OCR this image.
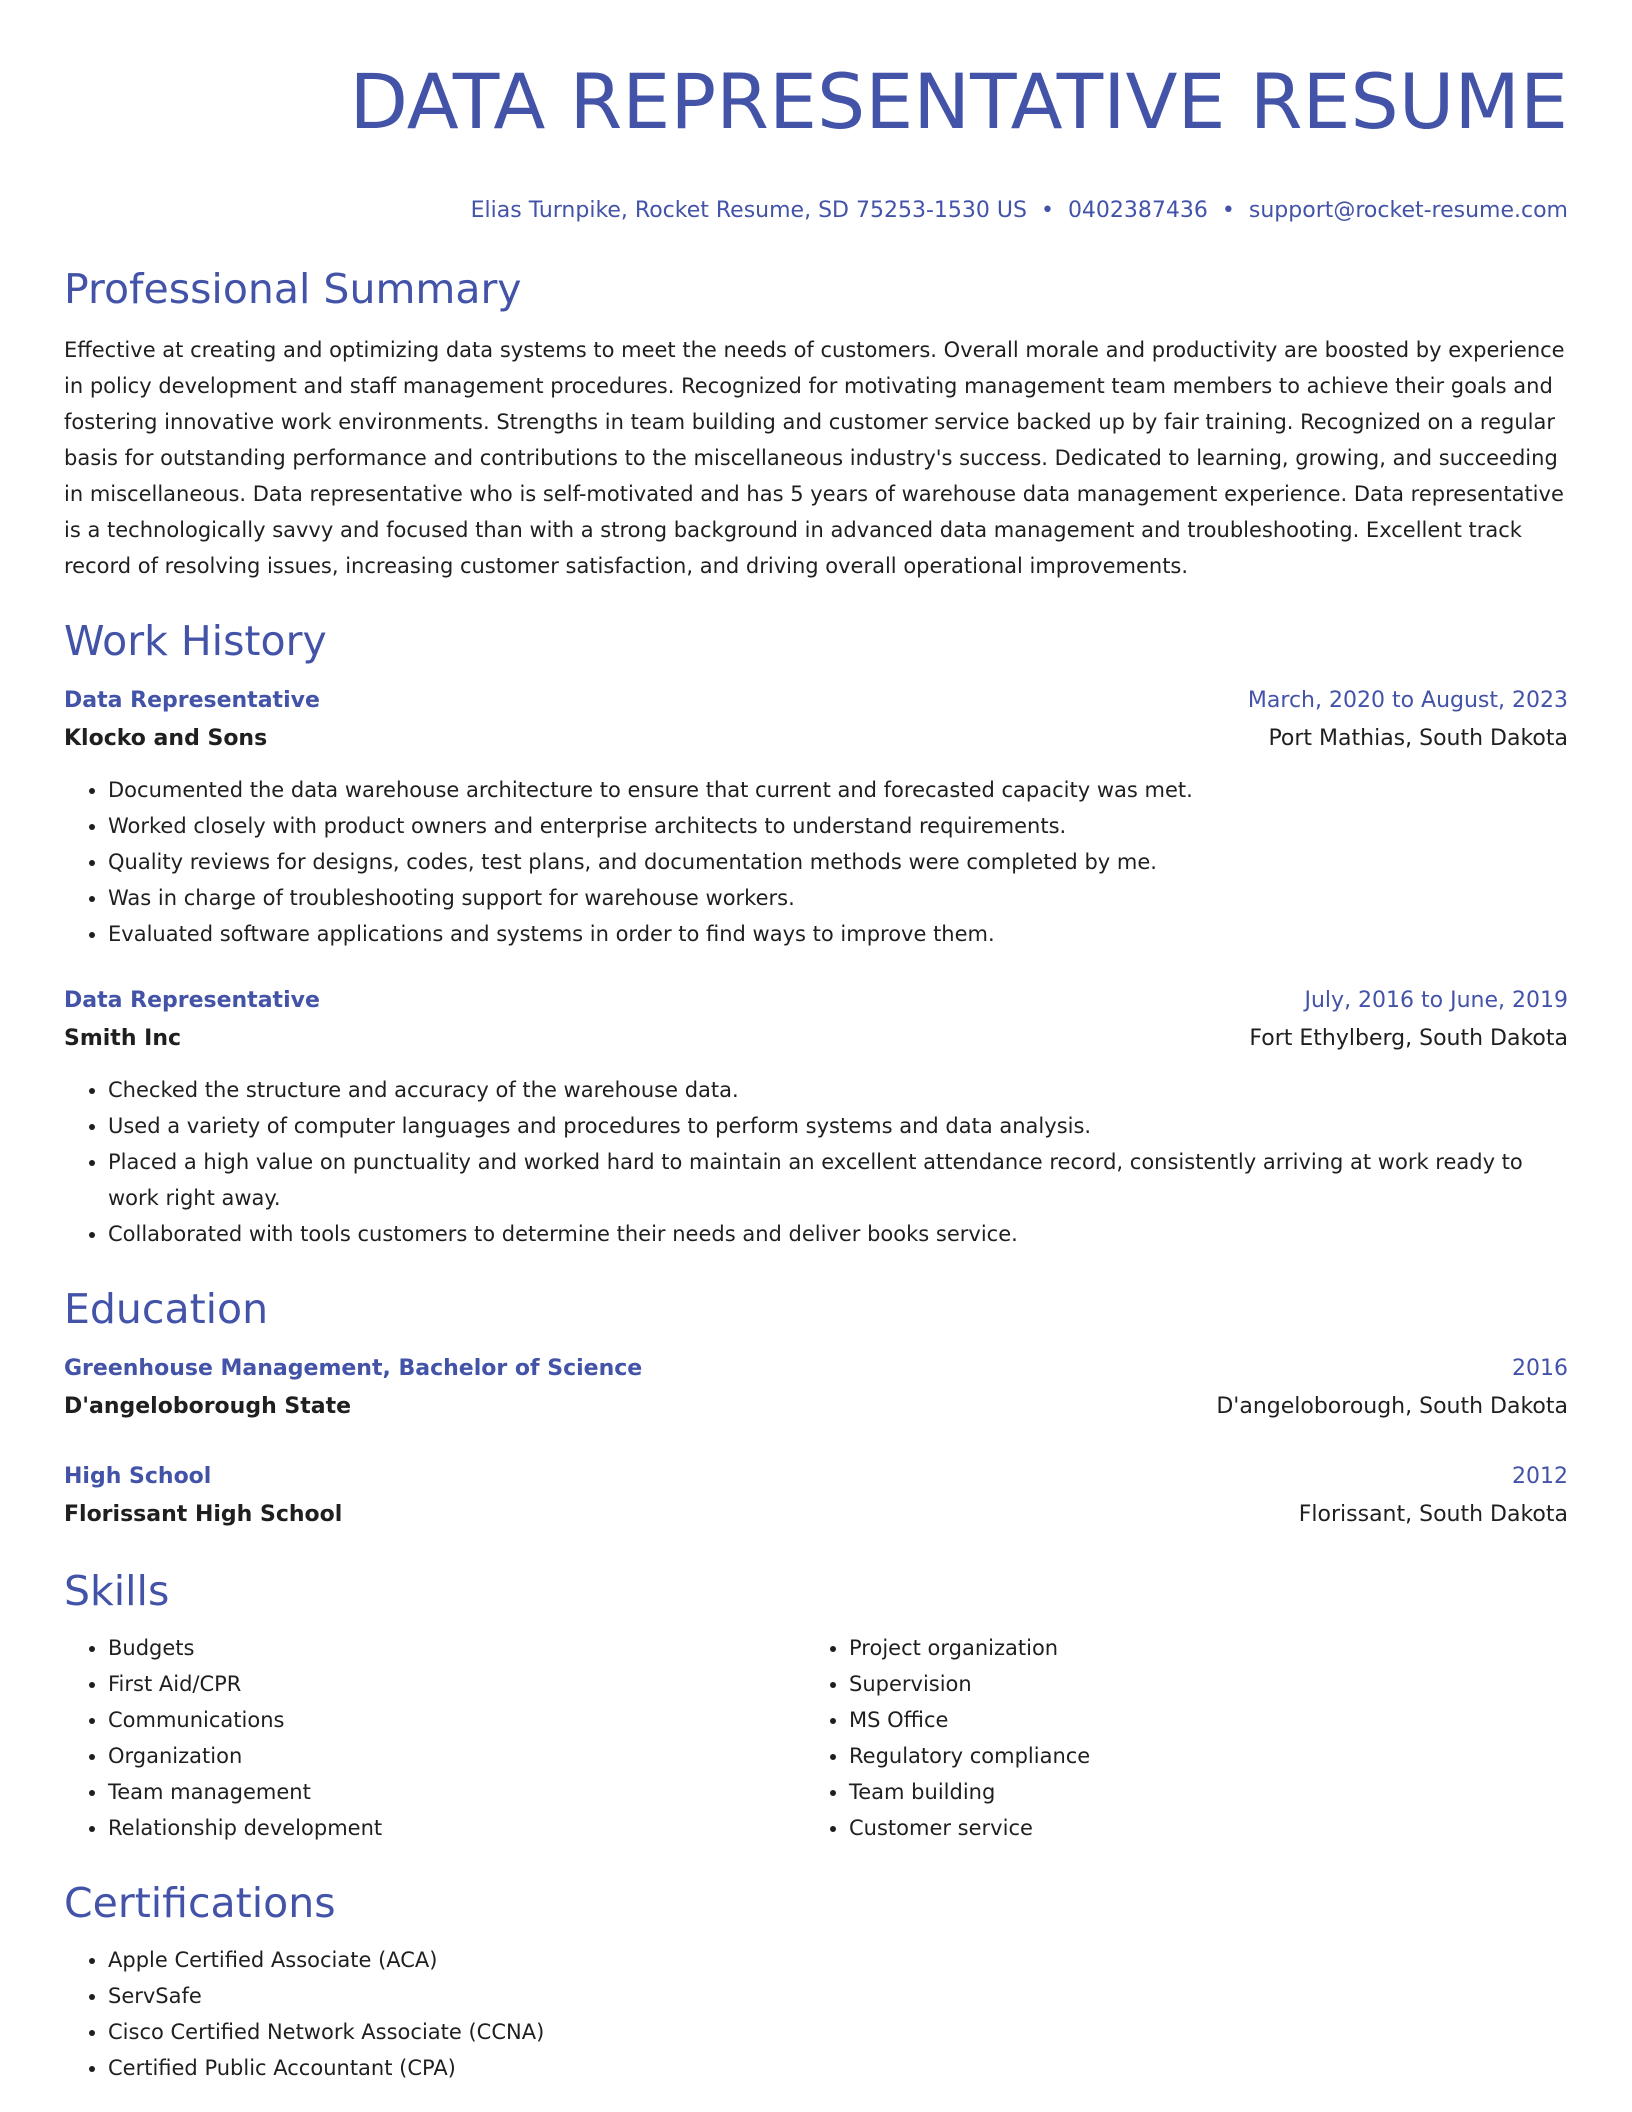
DATA REPRESENTATIVE RESUME
Elias Turnpike, Rocket Resume, SD 75253-1530 US • 0402387436 • support@rocket-resume.com
Professional Summary
Effective at creating and optimizing data systems to meet the needs of customers. Overall morale and productivity are boosted by experience in policy development and staff management procedures. Recognized for motivating management team members to achieve their goals and fostering innovative work environments. Strengths in team building and customer service backed up by fair training. Recognized on a regular basis for outstanding performance and contributions to the miscellaneous industry's success. Dedicated to learning, growing, and succeeding in miscellaneous. Data representative who is self-motivated and has 5 years of warehouse data management experience. Data representative is a technologically savvy and focused than with a strong background in advanced data management and troubleshooting. Excellent track record of resolving issues, increasing customer satisfaction, and driving overall operational improvements.
Work History
Data Representative	March, 2020 to August, 2023
Klocko and Sons	Port Mathias, South Dakota
• Documented the data warehouse architecture to ensure that current and forecasted capacity was met.
• Worked closely with product owners and enterprise architects to understand requirements.
• Quality reviews for designs, codes, test plans, and documentation methods were completed by me.
• Was in charge of troubleshooting support for warehouse workers.
• Evaluated software applications and systems in order to find ways to improve them.
Data Representative	July, 2016 to June, 2019
Smith Inc	Fort Ethylberg, South Dakota
• Checked the structure and accuracy of the warehouse data.
• Used a variety of computer languages and procedures to perform systems and data analysis.
• Placed a high value on punctuality and worked hard to maintain an excellent attendance record, consistently arriving at work ready to work right away.
• Collaborated with tools customers to determine their needs and deliver books service.
Education
Greenhouse Management, Bachelor of Science	2016
D'angeloborough State	D'angeloborough, South Dakota
High School	2012
Florissant High School	Florissant, South Dakota
Skills
• Budgets
• First Aid/CPR
• Communications
• Organization
• Team management
• Relationship development
• Project organization
• Supervision
• MS Office
• Regulatory compliance
• Team building
• Customer service
Certifications
• Apple Certified Associate (ACA)
• ServSafe
• Cisco Certified Network Associate (CCNA)
• Certified Public Accountant (CPA)
